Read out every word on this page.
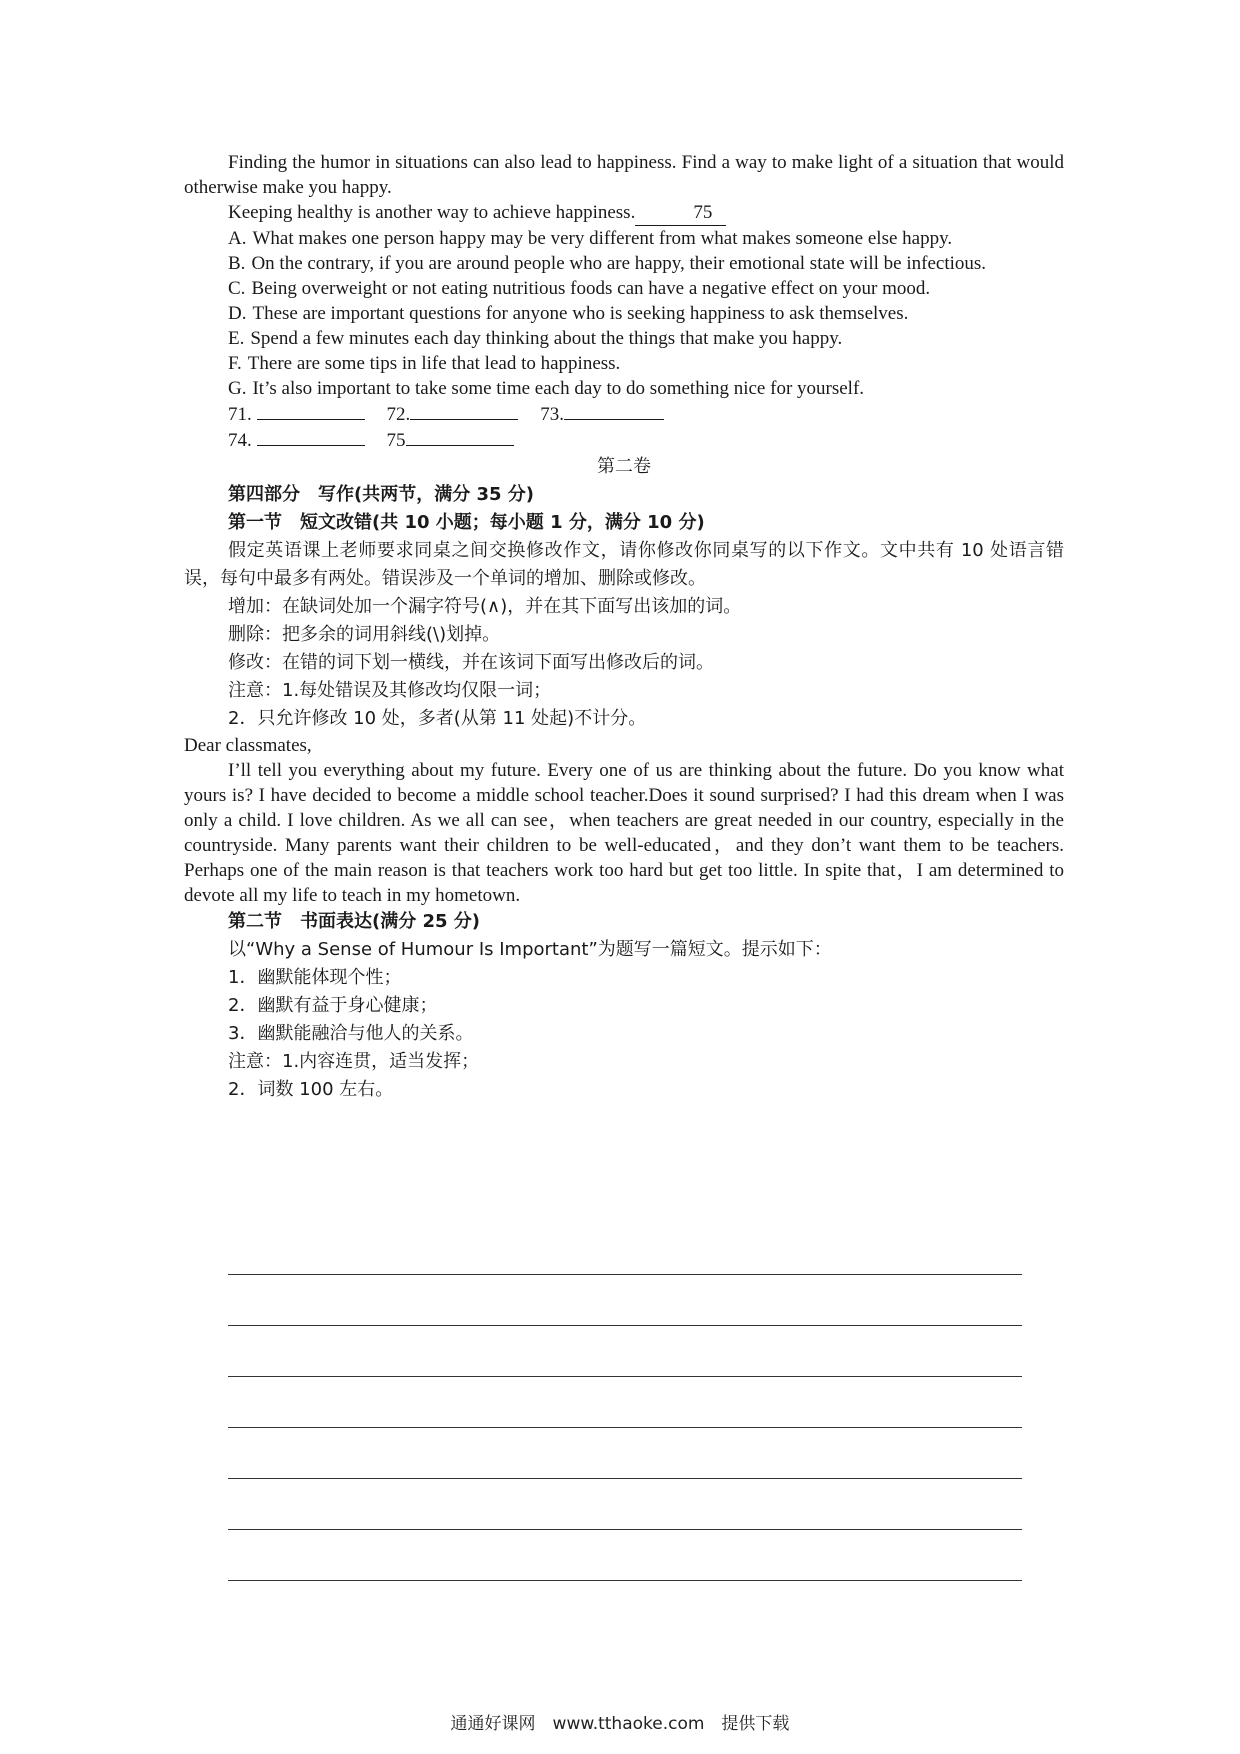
Finding the humor in situations can also lead to happiness. Find a way to make light of a situation that would otherwise make you happy.

Keeping healthy is another way to achieve happiness.	75

A. What makes one person happy may be very different from what makes someone else happy.

B. On the contrary, if you are around people who are happy, their emotional state will be infectious.

C. Being overweight or not eating nutritious foods can have a negative effect on your mood.

D. These are important questions for anyone who is seeking happiness to ask themselves.

E. Spend a few minutes each day thinking about the things that make you happy.

F. There are some tips in life that lead to happiness.

G. It’s also important to take some time each day to do something nice for yourself.

71.
	72.	73.
74.
	75

第二卷

第四部分　写作(共两节，满分 35 分)

第一节　短文改错(共 10 小题；每小题 1 分，满分 10 分)

假定英语课上老师要求同桌之间交换修改作文，请你修改你同桌写的以下作文。文中共有 10 处语言错误，每句中最多有两处。错误涉及一个单词的增加、删除或修改。

增加：在缺词处加一个漏字符号(∧)，并在其下面写出该加的词。

删除：把多余的词用斜线(\)划掉。

修改：在错的词下划一横线，并在该词下面写出修改后的词。

注意：1.每处错误及其修改均仅限一词；

2．只允许修改 10 处，多者(从第 11 处起)不计分。

Dear classmates,

I’ll tell you everything about my future. Every one of us are thinking about the future. Do you know what yours is? I have decided to become a middle school teacher.Does it sound surprised? I had this dream when I was only a child. I love children. As we all can see，when teachers are great needed in our country, especially in the countryside. Many parents want their children to be well-educated，and they don’t want them to be teachers. Perhaps one of the main reason is that teachers work too hard but get too little. In spite that，I am determined to devote all my life to teach in my hometown.

第二节　书面表达(满分 25 分)

以“Why a Sense of Humour Is Important”为题写一篇短文。提示如下：

1．幽默能体现个性；

2．幽默有益于身心健康；

3．幽默能融洽与他人的关系。

注意：1.内容连贯，适当发挥；

2．词数 100 左右。

通通好课网　www.tthaoke.com　提供下载
